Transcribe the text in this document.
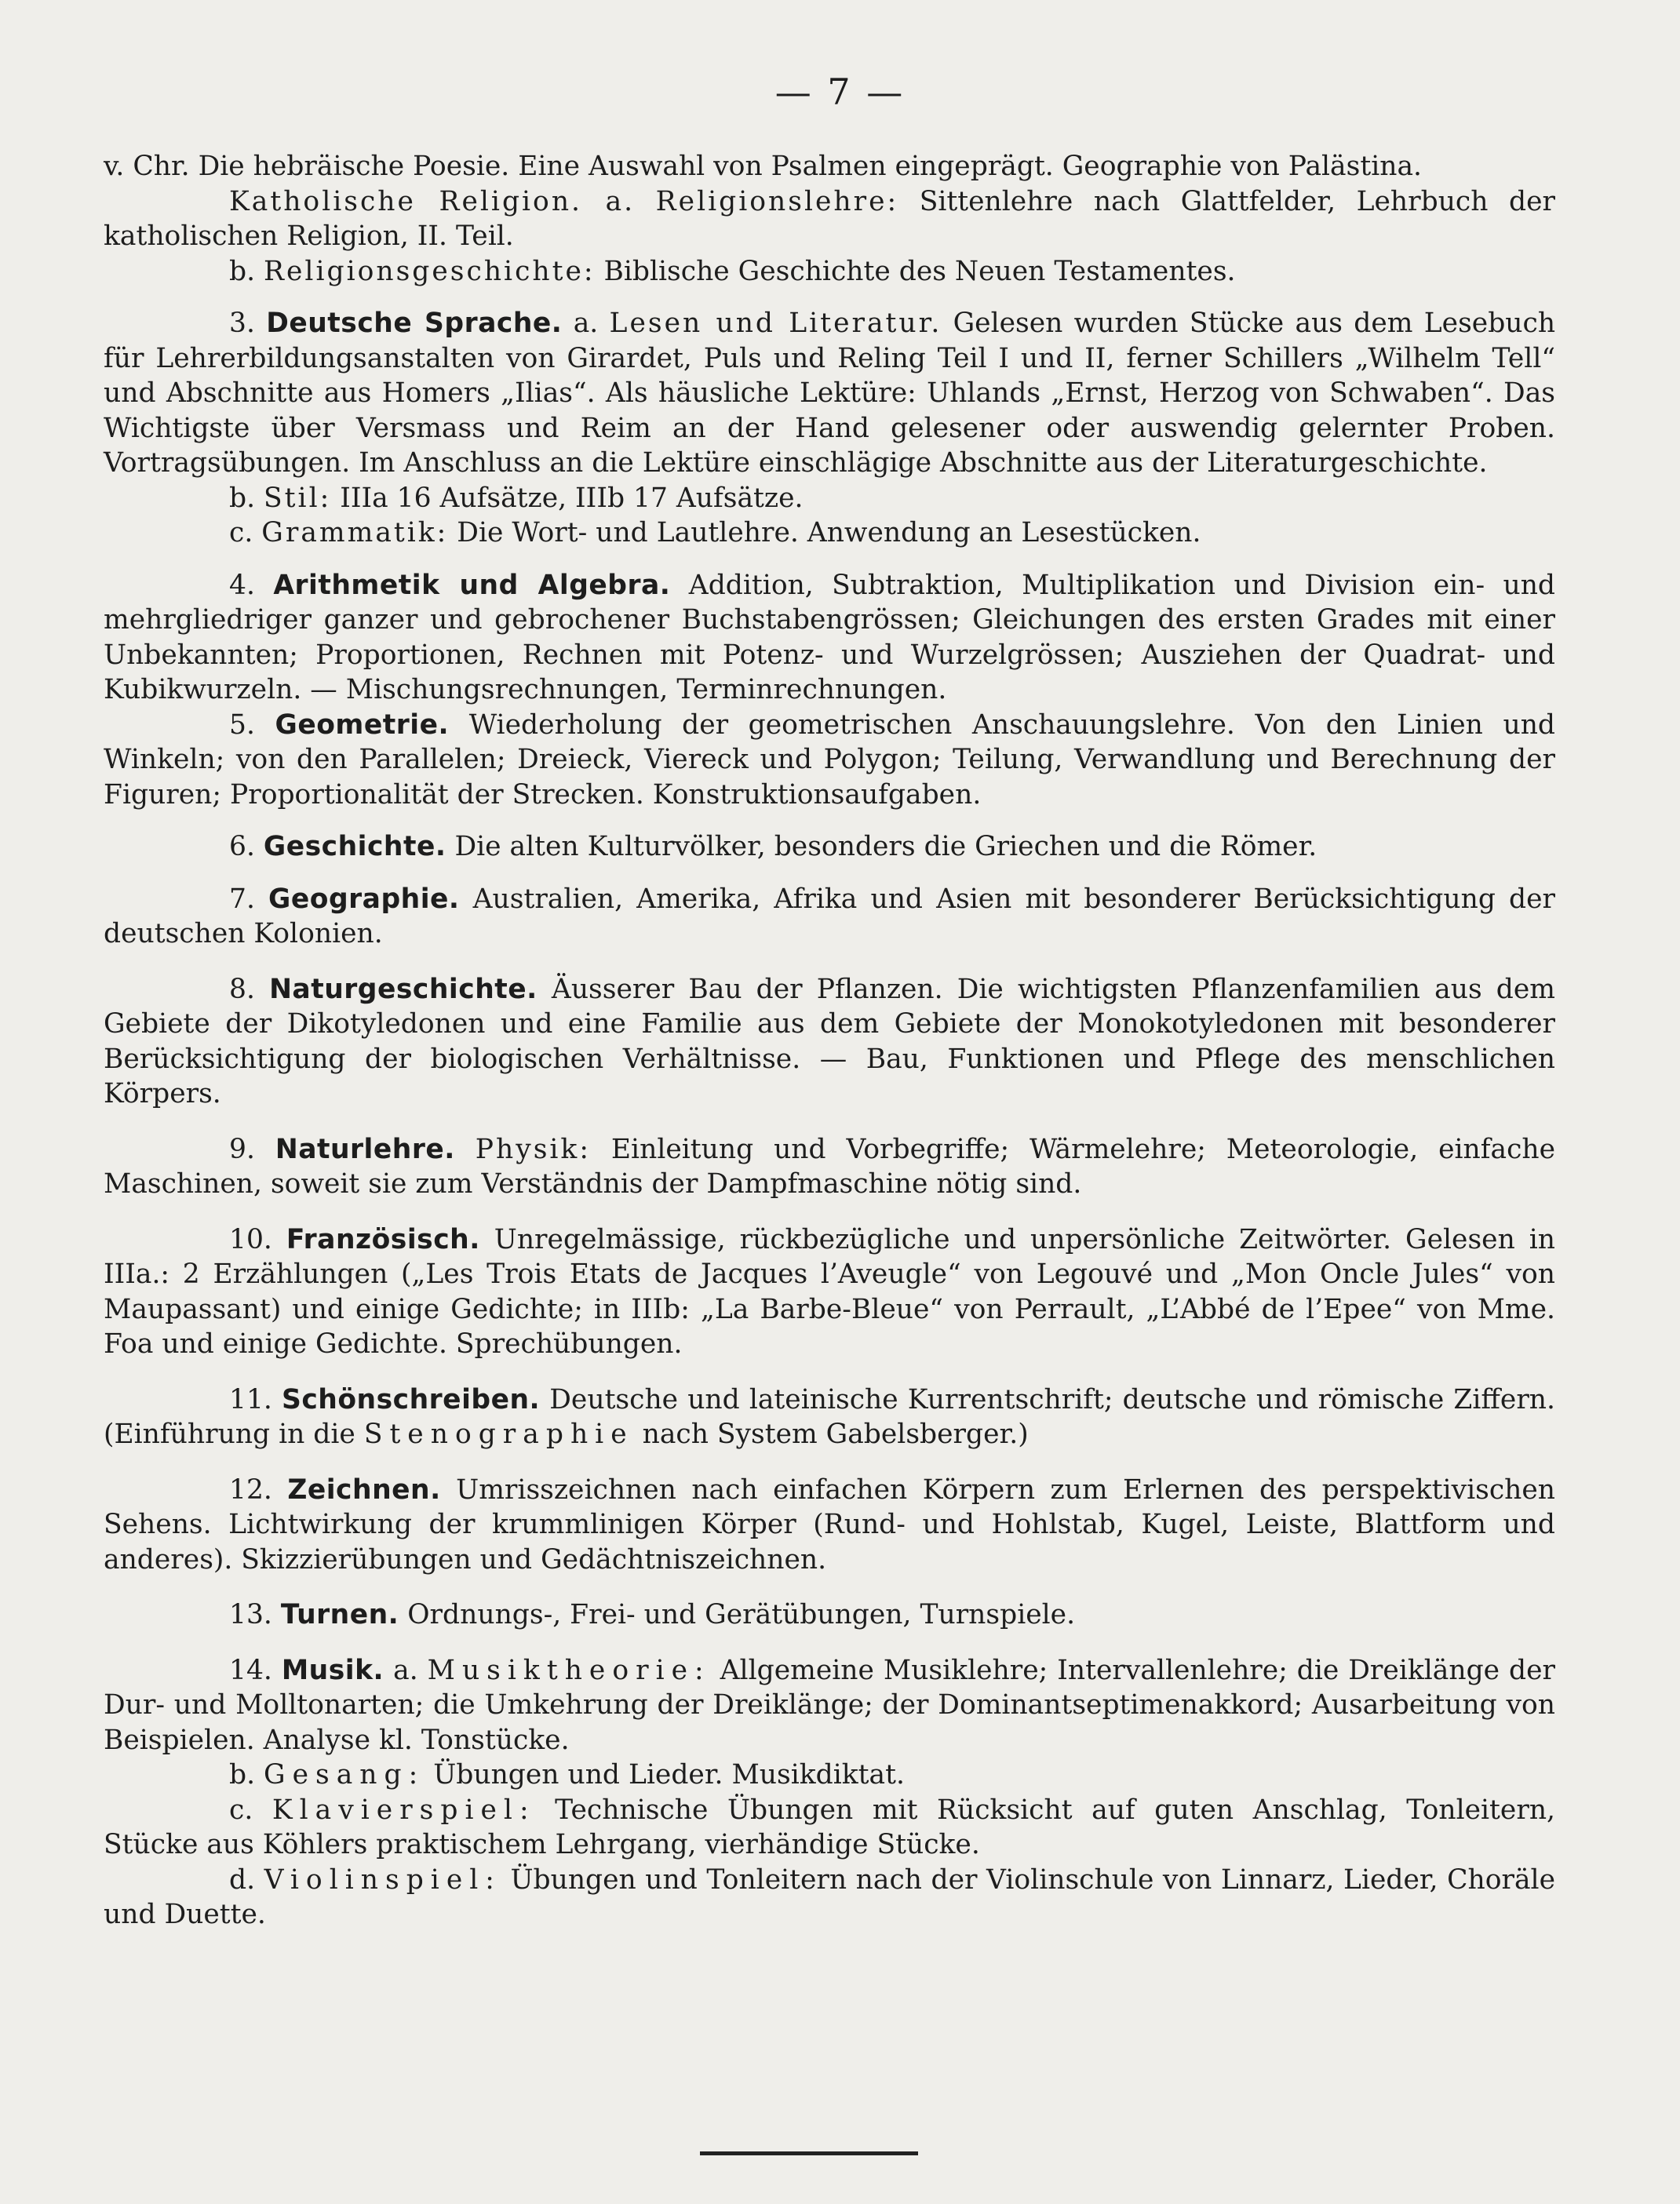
— 7 —

v. Chr. Die hebräische Poesie. Eine Auswahl von Psalmen eingeprägt. Geographie von Palästina.

Katholische Religion. a. Religionslehre: Sittenlehre nach Glattfelder, Lehrbuch der katholischen Religion, II. Teil.

b. Religionsgeschichte: Biblische Geschichte des Neuen Testamentes.

3. Deutsche Sprache. a. Lesen und Literatur. Gelesen wurden Stücke aus dem Lesebuch für Lehrerbildungsanstalten von Girardet, Puls und Reling Teil I und II, ferner Schillers „Wilhelm Tell“ und Abschnitte aus Homers „Ilias“. Als häusliche Lektüre: Uhlands „Ernst, Herzog von Schwaben“. Das Wichtigste über Versmass und Reim an der Hand gelesener oder auswendig gelernter Proben. Vortragsübungen. Im Anschluss an die Lektüre einschlägige Abschnitte aus der Literaturgeschichte.

b. Stil: IIIa 16 Aufsätze, IIIb 17 Aufsätze.

c. Grammatik: Die Wort- und Lautlehre. Anwendung an Lesestücken.

4. Arithmetik und Algebra. Addition, Subtraktion, Multiplikation und Division ein- und mehrgliedriger ganzer und gebrochener Buchstabengrössen; Gleichungen des ersten Grades mit einer Unbekannten; Proportionen, Rechnen mit Potenz- und Wurzelgrössen; Ausziehen der Quadrat- und Kubikwurzeln. — Mischungsrechnungen, Terminrechnungen.

5. Geometrie. Wiederholung der geometrischen Anschauungslehre. Von den Linien und Winkeln; von den Parallelen; Dreieck, Viereck und Polygon; Teilung, Verwandlung und Berechnung der Figuren; Proportionalität der Strecken. Konstruktionsaufgaben.

6. Geschichte. Die alten Kulturvölker, besonders die Griechen und die Römer.

7. Geographie. Australien, Amerika, Afrika und Asien mit besonderer Berücksichtigung der deutschen Kolonien.

8. Naturgeschichte. Äusserer Bau der Pflanzen. Die wichtigsten Pflanzenfamilien aus dem Gebiete der Dikotyledonen und eine Familie aus dem Gebiete der Monokotyledonen mit besonderer Berücksichtigung der biologischen Verhältnisse. — Bau, Funktionen und Pflege des menschlichen Körpers.

9. Naturlehre. Physik: Einleitung und Vorbegriffe; Wärmelehre; Meteorologie, einfache Maschinen, soweit sie zum Verständnis der Dampfmaschine nötig sind.

10. Französisch. Unregelmässige, rückbezügliche und unpersönliche Zeitwörter. Gelesen in IIIa.: 2 Erzählungen („Les Trois Etats de Jacques l’Aveugle“ von Legouvé und „Mon Oncle Jules“ von Maupassant) und einige Gedichte; in IIIb: „La Barbe-Bleue“ von Perrault, „L’Abbé de l’Epee“ von Mme. Foa und einige Gedichte. Sprechübungen.

11. Schönschreiben. Deutsche und lateinische Kurrentschrift; deutsche und römische Ziffern. (Einführung in die Stenographie nach System Gabelsberger.)

12. Zeichnen. Umrisszeichnen nach einfachen Körpern zum Erlernen des perspektivischen Sehens. Lichtwirkung der krummlinigen Körper (Rund- und Hohlstab, Kugel, Leiste, Blattform und anderes). Skizzierübungen und Gedächtniszeichnen.

13. Turnen. Ordnungs-, Frei- und Gerätübungen, Turnspiele.

14. Musik. a. Musiktheorie: Allgemeine Musiklehre; Intervallenlehre; die Dreiklänge der Dur- und Molltonarten; die Umkehrung der Dreiklänge; der Dominantseptimenakkord; Ausarbeitung von Beispielen. Analyse kl. Tonstücke.

b. Gesang: Übungen und Lieder. Musikdiktat.

c. Klavierspiel: Technische Übungen mit Rücksicht auf guten Anschlag, Tonleitern, Stücke aus Köhlers praktischem Lehrgang, vierhändige Stücke.

d. Violinspiel: Übungen und Tonleitern nach der Violinschule von Linnarz, Lieder, Choräle und Duette.
